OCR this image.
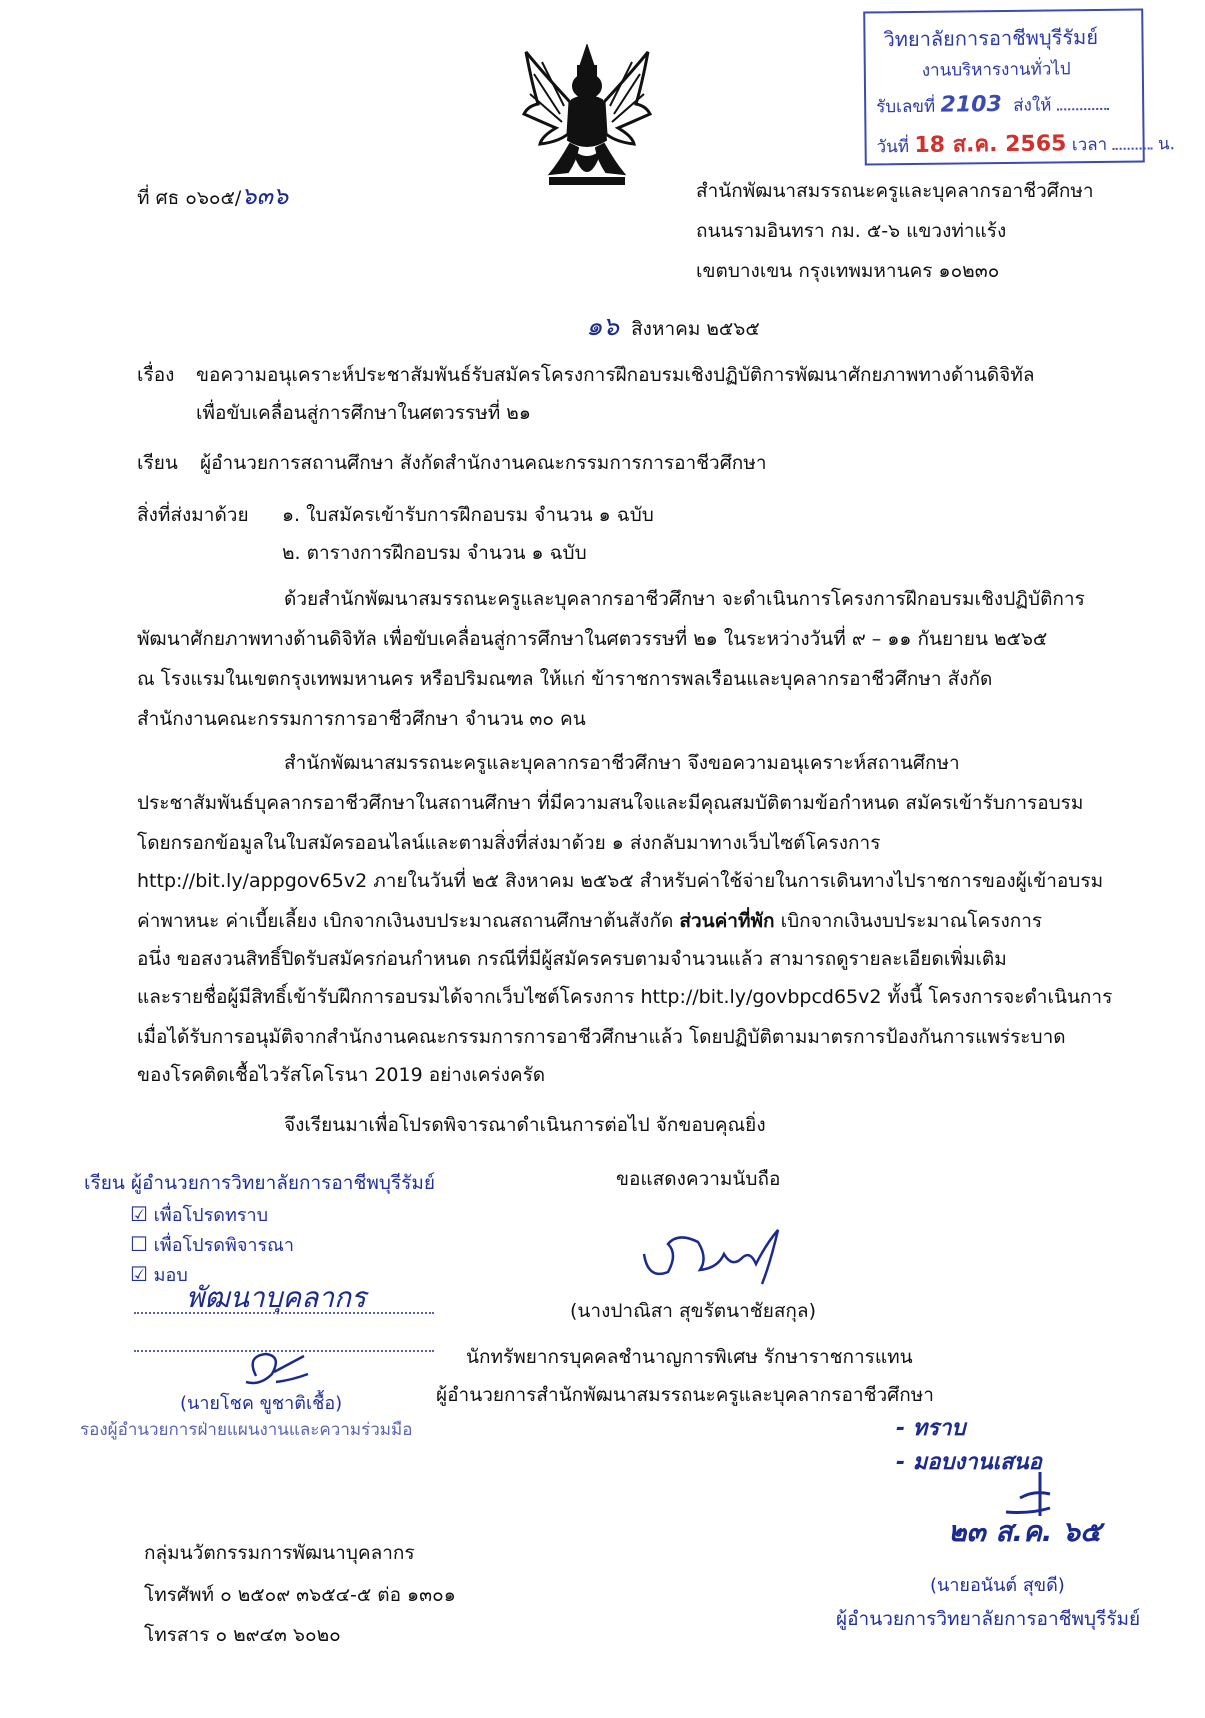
วิทยาลัยการอาชีพบุรีรัมย์
งานบริหารงานทั่วไป
รับเลขที่ 2103 ส่งให้
วันที่ 18 ส.ค. 2565 เวลา	น.
ที่ ศธ ๐๖๐๕/๖๓๖	สำนักพัฒนาสมรรถนะครูและบุคลากรอาชีวศึกษา
ถนนรามอินทรา กม. ๕-๖ แขวงท่าแร้ง
เขตบางเขน กรุงเทพมหานคร ๑๐๒๓๐
๑๖ สิงหาคม ๒๕๖๕
เรื่อง ขอความอนุเคราะห์ประชาสัมพันธ์รับสมัครโครงการฝึกอบรมเชิงปฏิบัติการพัฒนาศักยภาพทางด้านดิจิทัล
เพื่อขับเคลื่อนสู่การศึกษาในศตวรรษที่ ๒๑
เรียน ผู้อำนวยการสถานศึกษา สังกัดสำนักงานคณะกรรมการการอาชีวศึกษา
สิ่งที่ส่งมาด้วย ๑. ใบสมัครเข้ารับการฝึกอบรม จำนวน ๑ ฉบับ
๒. ตารางการฝึกอบรม จำนวน ๑ ฉบับ
ด้วยสำนักพัฒนาสมรรถนะครูและบุคลากรอาชีวศึกษา จะดำเนินการโครงการฝึกอบรมเชิงปฏิบัติการ
พัฒนาศักยภาพทางด้านดิจิทัล เพื่อขับเคลื่อนสู่การศึกษาในศตวรรษที่ ๒๑ ในระหว่างวันที่ ๙ – ๑๑ กันยายน ๒๕๖๕
ณ โรงแรมในเขตกรุงเทพมหานคร หรือปริมณฑล ให้แก่ ข้าราชการพลเรือนและบุคลากรอาชีวศึกษา สังกัด
สำนักงานคณะกรรมการการอาชีวศึกษา จำนวน ๓๐ คน
สำนักพัฒนาสมรรถนะครูและบุคลากรอาชีวศึกษา จึงขอความอนุเคราะห์สถานศึกษา
ประชาสัมพันธ์บุคลากรอาชีวศึกษาในสถานศึกษา ที่มีความสนใจและมีคุณสมบัติตามข้อกำหนด สมัครเข้ารับการอบรม
โดยกรอกข้อมูลในใบสมัครออนไลน์และตามสิ่งที่ส่งมาด้วย ๑ ส่งกลับมาทางเว็บไซต์โครงการ
http://bit.ly/appgov65v2 ภายในวันที่ ๒๕ สิงหาคม ๒๕๖๕ สำหรับค่าใช้จ่ายในการเดินทางไปราชการของผู้เข้าอบรม
ค่าพาหนะ ค่าเบี้ยเลี้ยง เบิกจากเงินงบประมาณสถานศึกษาต้นสังกัด ส่วนค่าที่พัก เบิกจากเงินงบประมาณโครงการ
อนึ่ง ขอสงวนสิทธิ์ปิดรับสมัครก่อนกำหนด กรณีที่มีผู้สมัครครบตามจำนวนแล้ว สามารถดูรายละเอียดเพิ่มเติม
และรายชื่อผู้มีสิทธิ์เข้ารับฝึกการอบรมได้จากเว็บไซต์โครงการ http://bit.ly/govbpcd65v2 ทั้งนี้ โครงการจะดำเนินการ
เมื่อได้รับการอนุมัติจากสำนักงานคณะกรรมการการอาชีวศึกษาแล้ว โดยปฏิบัติตามมาตรการป้องกันการแพร่ระบาด
ของโรคติดเชื้อไวรัสโคโรนา 2019 อย่างเคร่งครัด
จึงเรียนมาเพื่อโปรดพิจารณาดำเนินการต่อไป จักขอบคุณยิ่ง
ขอแสดงความนับถือ
(นางปาณิสา สุขรัตนาชัยสกุล)
นักทรัพยากรบุคคลชำนาญการพิเศษ รักษาราชการแทน
ผู้อำนวยการสำนักพัฒนาสมรรถนะครูและบุคลากรอาชีวศึกษา
เรียน ผู้อำนวยการวิทยาลัยการอาชีพบุรีรัมย์
☑ เพื่อโปรดทราบ
☐ เพื่อโปรดพิจารณา
☑ มอบ
พัฒนาบุคลากร
(นายโชค ขูชาติเชื้อ)
รองผู้อำนวยการฝ่ายแผนงานและความร่วมมือ	- ทราบ
- มอบงานเสนอ
๒๓ ส.ค. ๖๕
(นายอนันต์ สุขดี)
ผู้อำนวยการวิทยาลัยการอาชีพบุรีรัมย์
กลุ่มนวัตกรรมการพัฒนาบุคลากร
โทรศัพท์ ๐ ๒๕๐๙ ๓๖๕๔-๕ ต่อ ๑๓๐๑
โทรสาร ๐ ๒๙๔๓ ๖๐๒๐
